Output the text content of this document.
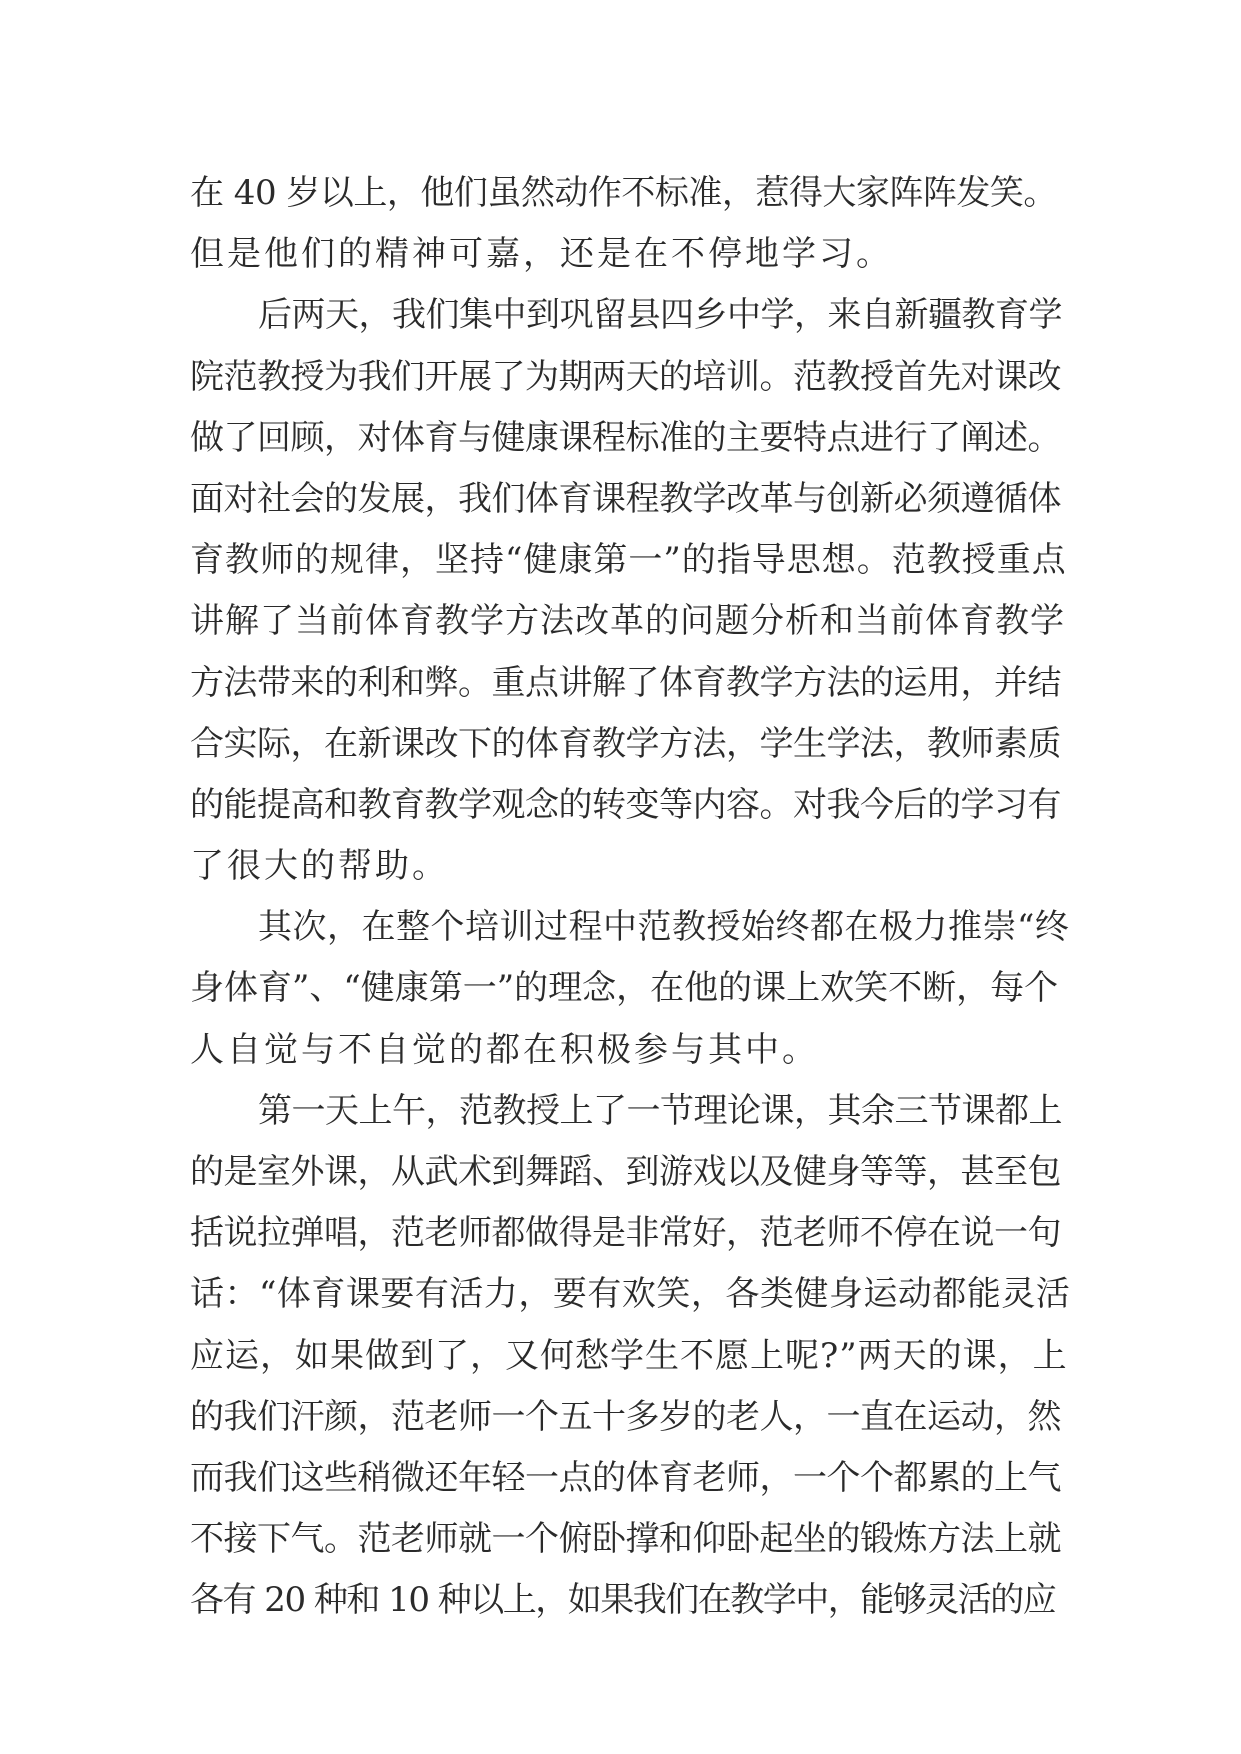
在 40 岁以上，他们虽然动作不标准，惹得大家阵阵发笑。
但是他们的精神可嘉，还是在不停地学习。
后两天，我们集中到巩留县四乡中学，来自新疆教育学
院范教授为我们开展了为期两天的培训。范教授首先对课改
做了回顾，对体育与健康课程标准的主要特点进行了阐述。
面对社会的发展，我们体育课程教学改革与创新必须遵循体
育教师的规律，坚持“健康第一”的指导思想。范教授重点
讲解了当前体育教学方法改革的问题分析和当前体育教学
方法带来的利和弊。重点讲解了体育教学方法的运用，并结
合实际，在新课改下的体育教学方法，学生学法，教师素质
的能提高和教育教学观念的转变等内容。对我今后的学习有
了很大的帮助。
其次，在整个培训过程中范教授始终都在极力推崇“终
身体育”、“健康第一”的理念，在他的课上欢笑不断，每个
人自觉与不自觉的都在积极参与其中。
第一天上午，范教授上了一节理论课，其余三节课都上
的是室外课，从武术到舞蹈、到游戏以及健身等等，甚至包
括说拉弹唱，范老师都做得是非常好，范老师不停在说一句
话：“体育课要有活力，要有欢笑，各类健身运动都能灵活
应运，如果做到了，又何愁学生不愿上呢?”两天的课，上
的我们汗颜，范老师一个五十多岁的老人，一直在运动，然
而我们这些稍微还年轻一点的体育老师，一个个都累的上气
不接下气。范老师就一个俯卧撑和仰卧起坐的锻炼方法上就
各有 20 种和 10 种以上，如果我们在教学中，能够灵活的应
